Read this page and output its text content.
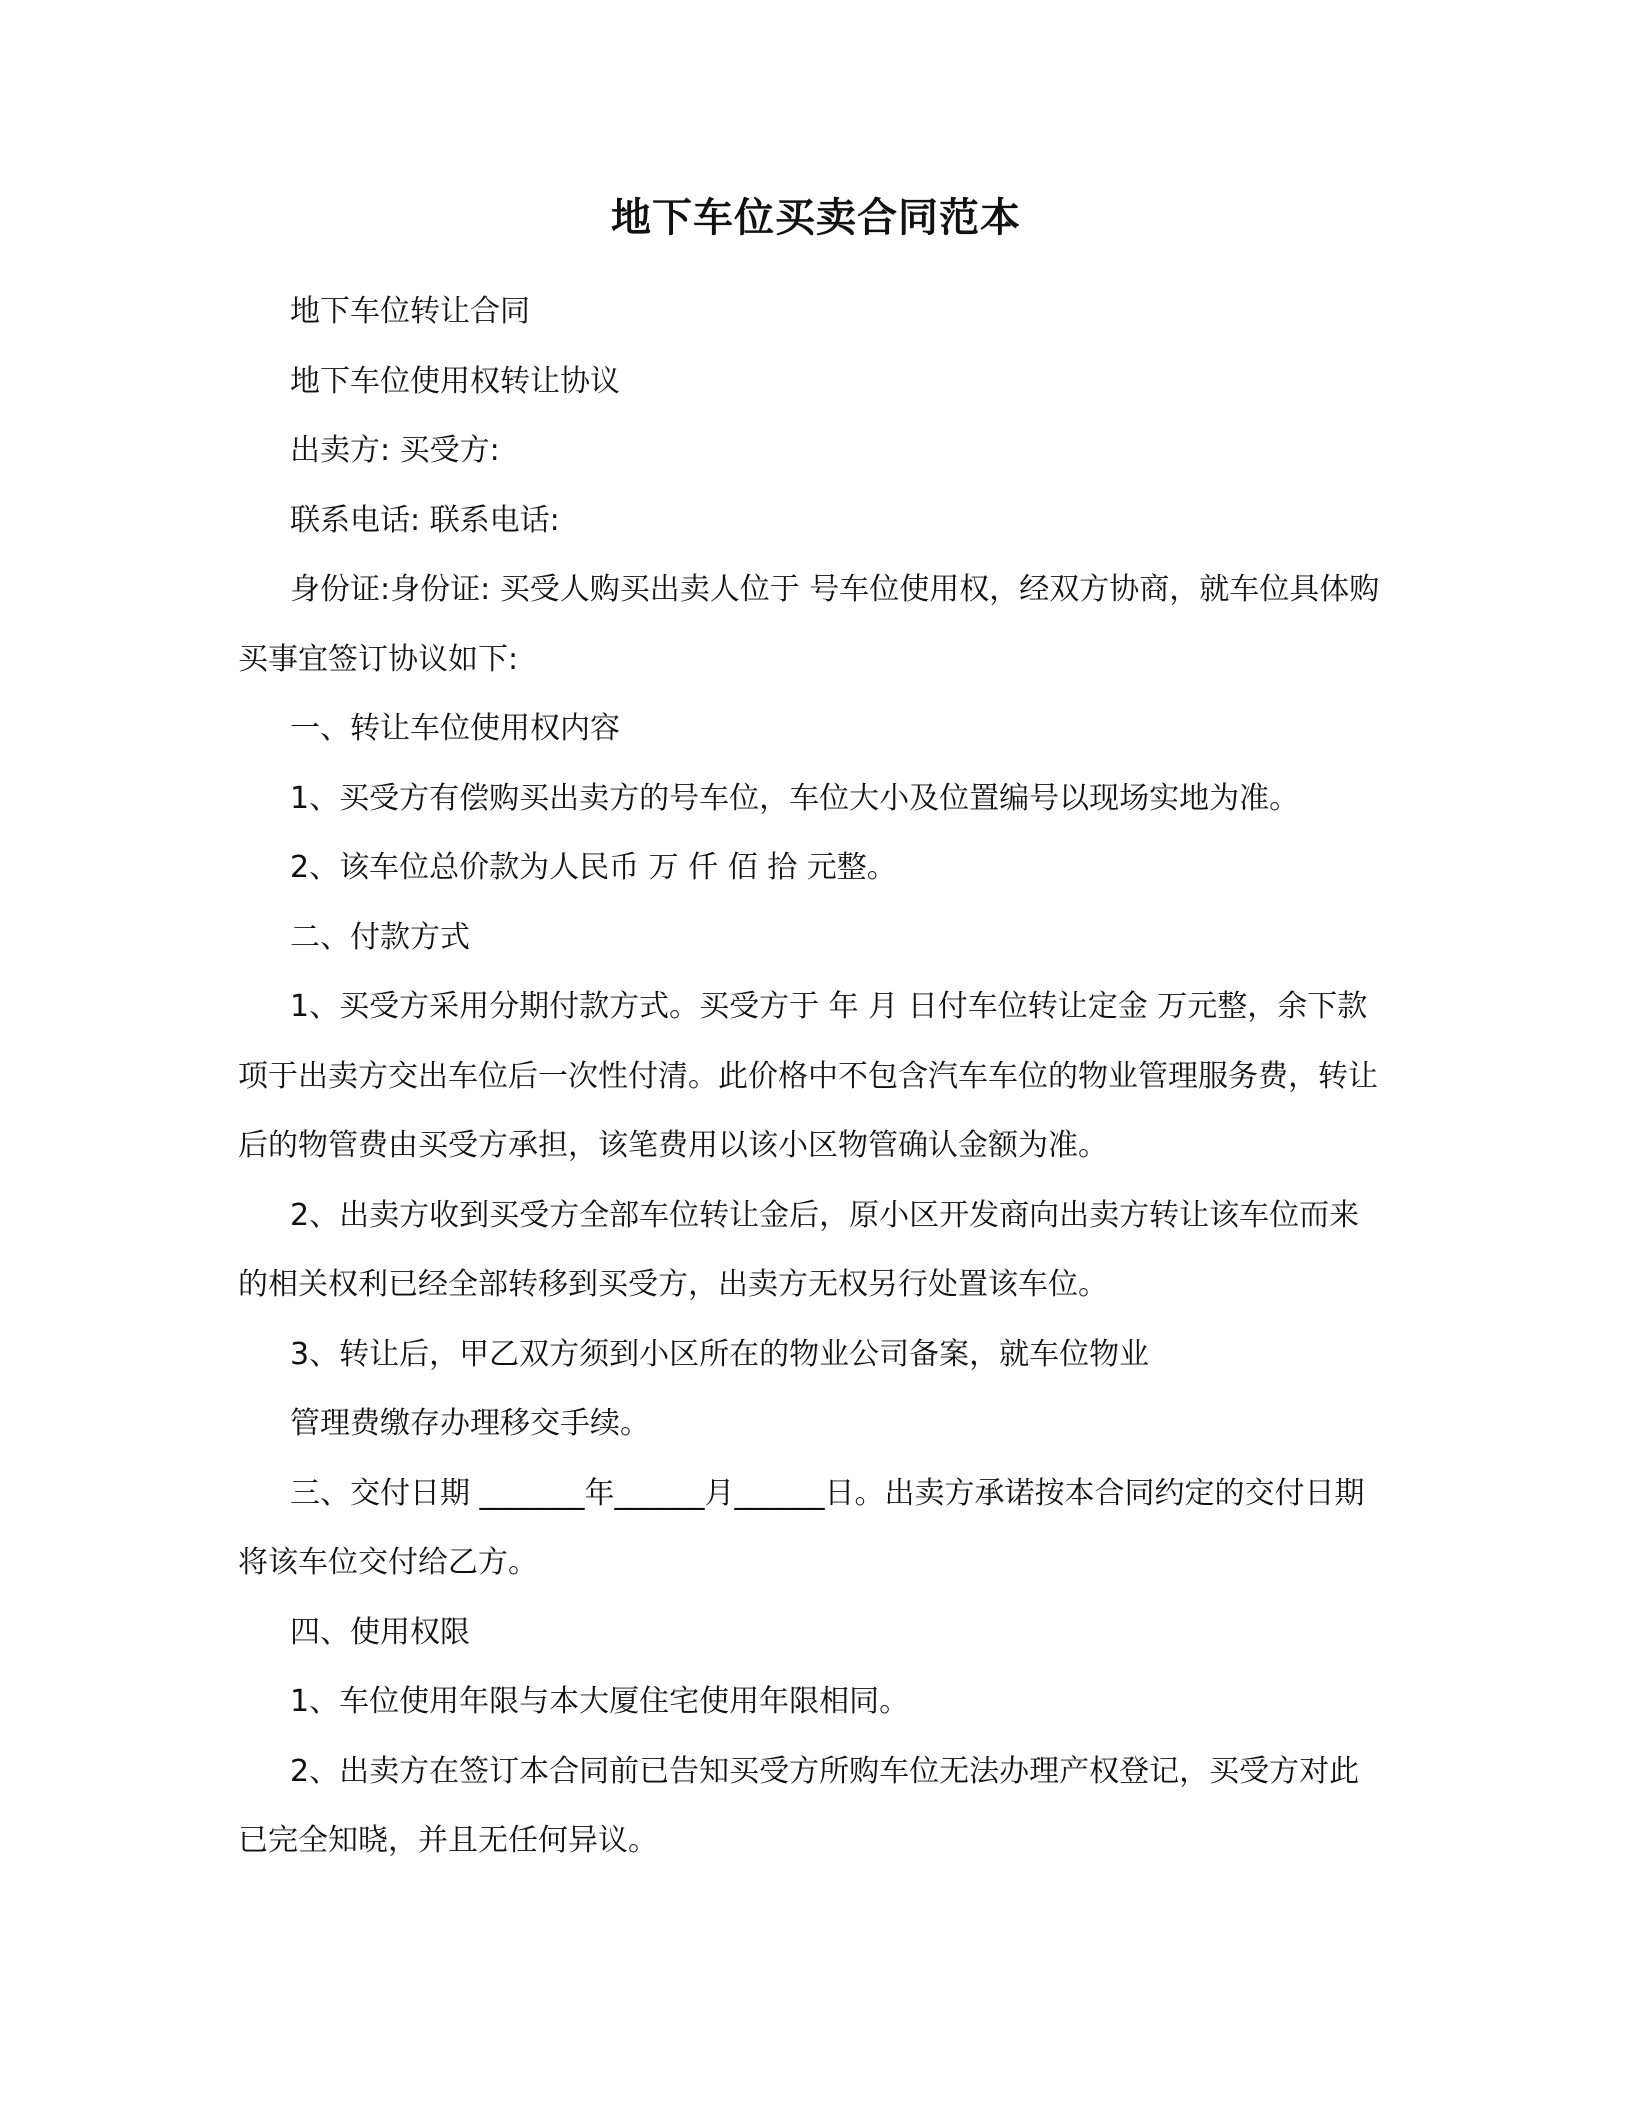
地下车位买卖合同范本

地下车位转让合同

地下车位使用权转让协议

出卖方: 买受方:

联系电话: 联系电话:

身份证:身份证: 买受人购买出卖人位于 号车位使用权，经双方协商，就车位具体购买事宜签订协议如下:

一、转让车位使用权内容

1、买受方有偿购买出卖方的号车位，车位大小及位置编号以现场实地为准。

2、该车位总价款为人民币 万 仟 佰 拾 元整。

二、付款方式

1、买受方采用分期付款方式。买受方于 年 月 日付车位转让定金 万元整，余下款项于出卖方交出车位后一次性付清。此价格中不包含汽车车位的物业管理服务费，转让后的物管费由买受方承担，该笔费用以该小区物管确认金额为准。

2、出卖方收到买受方全部车位转让金后，原小区开发商向出卖方转让该车位而来的相关权利已经全部转移到买受方，出卖方无权另行处置该车位。

3、转让后，甲乙双方须到小区所在的物业公司备案，就车位物业

管理费缴存办理移交手续。

三、交付日期 _______年______月______日。出卖方承诺按本合同约定的交付日期将该车位交付给乙方。

四、使用权限

1、车位使用年限与本大厦住宅使用年限相同。

2、出卖方在签订本合同前已告知买受方所购车位无法办理产权登记，买受方对此已完全知晓，并且无任何异议。
